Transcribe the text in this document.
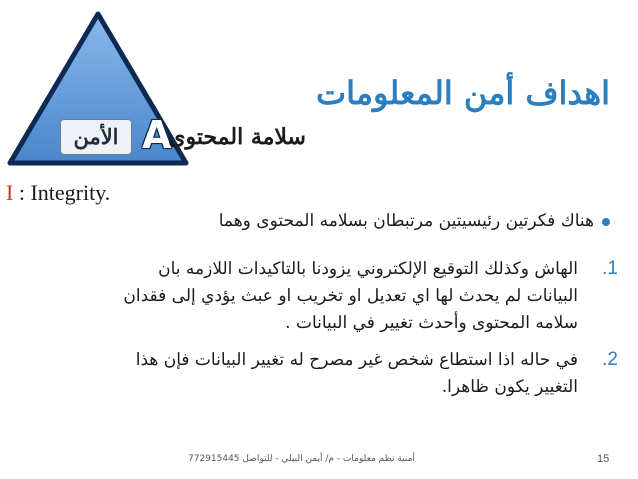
الأمن A
اهداف أمن المعلومات
سلامة المحتوى
I : Integrity.
هناك فكرتين رئيسيتين مرتبطان بسلامه المحتوى وهما
1.الهاش وكذلك التوقيع الإلكتروني يزودنا بالتاكيدات اللازمه بان
البيانات لم يحدث لها اي تعديل او تخريب او عبث يؤدي إلى فقدان
سلامه المحتوى وأحدث تغيير في البيانات .
2.في حاله اذا استطاع شخص غير مصرح له تغيير البيانات فإن هذا
التغيير يكون ظاهرا.
أمنية نظم معلومات - م/ أيمن البيلي - للتواصل 772915445	15
